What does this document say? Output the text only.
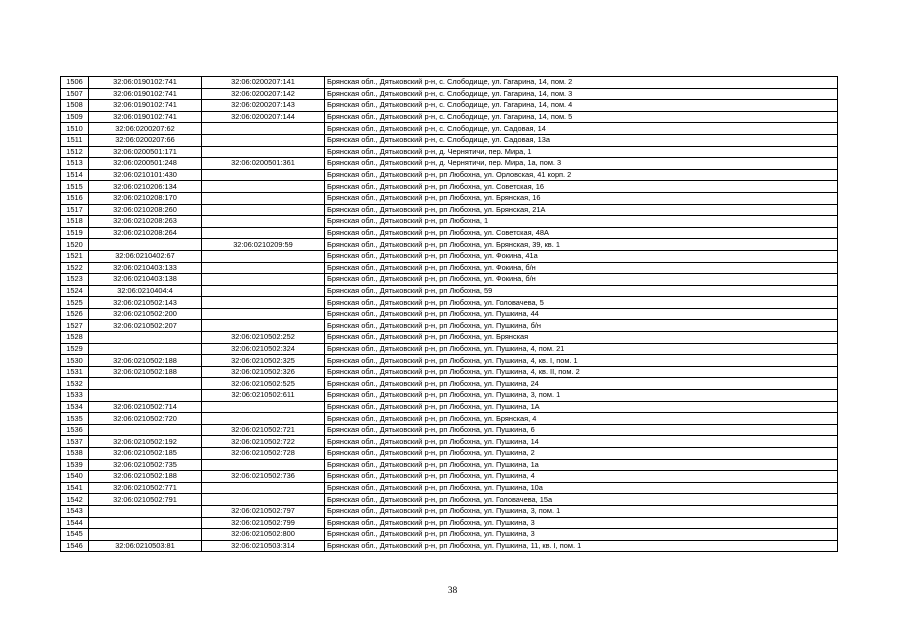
1506	32:06:0190102:741	32:06:0200207:141	Брянская обл., Дятьковский р-н, с. Слободище, ул. Гагарина, 14, пом. 2
1507	32:06:0190102:741	32:06:0200207:142	Брянская обл., Дятьковский р-н, с. Слободище, ул. Гагарина, 14, пом. 3
1508	32:06:0190102:741	32:06:0200207:143	Брянская обл., Дятьковский р-н, с. Слободище, ул. Гагарина, 14, пом. 4
1509	32:06:0190102:741	32:06:0200207:144	Брянская обл., Дятьковский р-н, с. Слободище, ул. Гагарина, 14, пом. 5
1510	32:06:0200207:62		Брянская обл., Дятьковский р-н, с. Слободище, ул. Садовая, 14
1511	32:06:0200207:66		Брянская обл., Дятьковский р-н, с. Слободище, ул. Садовая, 13а
1512	32:06:0200501:171		Брянская обл., Дятьковский р-н, д. Чернятичи, пер. Мира, 1
1513	32:06:0200501:248	32:06:0200501:361	Брянская обл., Дятьковский р-н, д. Чернятичи, пер. Мира, 1а, пом. 3
1514	32:06:0210101:430		Брянская обл., Дятьковский р-н, рп Любохна, ул. Орловская, 41 корп. 2
1515	32:06:0210206:134		Брянская обл., Дятьковский р-н, рп Любохна, ул. Советская, 16
1516	32:06:0210208:170		Брянская обл., Дятьковский р-н, рп Любохна, ул. Брянская, 16
1517	32:06:0210208:260		Брянская обл., Дятьковский р-н, рп Любохна, ул. Брянская, 21А
1518	32:06:0210208:263		Брянская обл., Дятьковский р-н, рп Любохна, 1
1519	32:06:0210208:264		Брянская обл., Дятьковский р-н, рп Любохна, ул. Советская, 48А
1520		32:06:0210209:59	Брянская обл., Дятьковский р-н, рп Любохна, ул. Брянская, 39, кв. 1
1521	32:06:0210402:67		Брянская обл., Дятьковский р-н, рп Любохна, ул. Фокина, 41а
1522	32:06:0210403:133		Брянская обл., Дятьковский р-н, рп Любохна, ул. Фокина, б/н
1523	32:06:0210403:138		Брянская обл., Дятьковский р-н, рп Любохна, ул. Фокина, б/н
1524	32:06:0210404:4		Брянская обл., Дятьковский р-н, рп Любохна, 59
1525	32:06:0210502:143		Брянская обл., Дятьковский р-н, рп Любохна, ул. Головачева, 5
1526	32:06:0210502:200		Брянская обл., Дятьковский р-н, рп Любохна, ул. Пушкина, 44
1527	32:06:0210502:207		Брянская обл., Дятьковский р-н, рп Любохна, ул. Пушкина, б/н
1528		32:06:0210502:252	Брянская обл., Дятьковский р-н, рп Любохна, ул. Брянская
1529		32:06:0210502:324	Брянская обл., Дятьковский р-н, рп Любохна, ул. Пушкина, 4, пом. 21
1530	32:06:0210502:188	32:06:0210502:325	Брянская обл., Дятьковский р-н, рп Любохна, ул. Пушкина, 4, кв. I, пом. 1
1531	32:06:0210502:188	32:06:0210502:326	Брянская обл., Дятьковский р-н, рп Любохна, ул. Пушкина, 4, кв. II, пом. 2
1532		32:06:0210502:525	Брянская обл., Дятьковский р-н, рп Любохна, ул. Пушкина, 24
1533		32:06:0210502:611	Брянская обл., Дятьковский р-н, рп Любохна, ул. Пушкина, 3, пом. 1
1534	32:06:0210502:714		Брянская обл., Дятьковский р-н, рп Любохна, ул. Пушкина, 1А
1535	32:06:0210502:720		Брянская обл., Дятьковский р-н, рп Любохна, ул. Брянская, 4
1536		32:06:0210502:721	Брянская обл., Дятьковский р-н, рп Любохна, ул. Пушкина, 6
1537	32:06:0210502:192	32:06:0210502:722	Брянская обл., Дятьковский р-н, рп Любохна, ул. Пушкина, 14
1538	32:06:0210502:185	32:06:0210502:728	Брянская обл., Дятьковский р-н, рп Любохна, ул. Пушкина, 2
1539	32:06:0210502:735		Брянская обл., Дятьковский р-н, рп Любохна, ул. Пушкина, 1а
1540	32:06:0210502:188	32:06:0210502:736	Брянская обл., Дятьковский р-н, рп Любохна, ул. Пушкина, 4
1541	32:06:0210502:771		Брянская обл., Дятьковский р-н, рп Любохна, ул. Пушкина, 10а
1542	32:06:0210502:791		Брянская обл., Дятьковский р-н, рп Любохна, ул. Головачева, 15а
1543		32:06:0210502:797	Брянская обл., Дятьковский р-н, рп Любохна, ул. Пушкина, 3, пом. 1
1544		32:06:0210502:799	Брянская обл., Дятьковский р-н, рп Любохна, ул. Пушкина, 3
1545		32:06:0210502:800	Брянская обл., Дятьковский р-н, рп Любохна, ул. Пушкина, 3
1546	32:06:0210503:81	32:06:0210503:314	Брянская обл., Дятьковский р-н, рп Любохна, ул. Пушкина, 11, кв. I, пом. 1
38
